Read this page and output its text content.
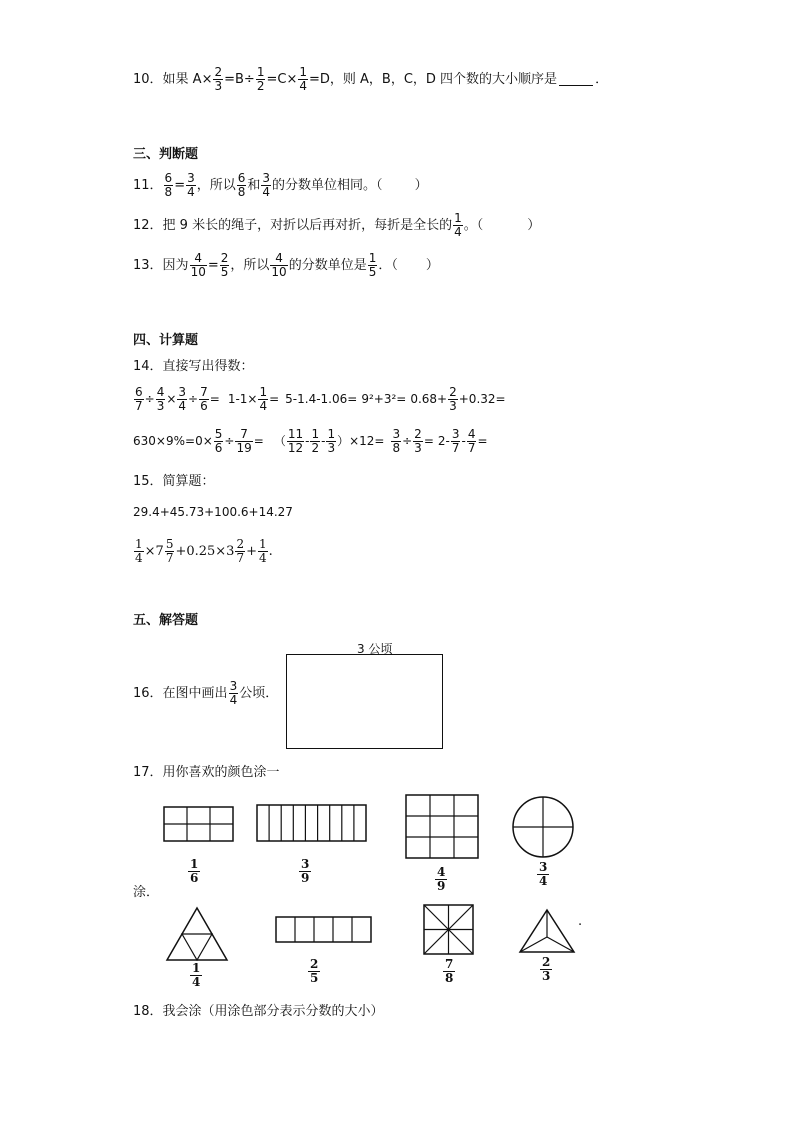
10． 如果 $A\times \frac{2}{3} =B\div \frac{1}{2} =C\times \frac{1}{4} =D$，则 A，B，C，D 四个数的大小顺序是	．
三、判断题
11． $\frac{6}{8} = \frac{3}{4}$ ，所以 $\frac{6}{8}$ 和 $\frac{3}{4}$ 的分数单位相同。（ ）
12． 把 9 米长的绳子，对折以后再对折，每折是全长的 $\frac{1}{4}$ 。（	）
13． 因为 $\frac{4}{10} = \frac{2}{5}$ ，所以 $\frac{4}{10}$ 的分数单位是 $\frac{1}{5}$ ．（ ）
四、计算题
14． 直接写出得数：
$\frac{6}{7} \div \frac{4}{3} \times \frac{3}{4} \div \frac{7}{6} = 1-1\times \frac{1}{4} = 5-1.4-1.06= 9^2+3^2= 0.68+ \frac{2}{3} +0.32=$
$630\times 9\%= 0\times \frac{5}{6} \div \frac{7}{19}$ = （ $\frac{11}{12} - \frac{1}{2} - \frac{1}{3} )\times 12= \frac{3}{8} \div \frac{2}{3} = 2- \frac{3}{7} - \frac{4}{7}$ =
15． 简算题：
29.4+45.73+100.6+14.27
$\frac{1}{4} \times 7 \frac{5}{7} +0.25\times 3 \frac{2}{7} + \frac{1}{4}$ .
五、解答题
16． 在图中画出 $\frac{3}{4}$ 公顷．
3 公顷
17． 用你喜欢的颜色涂一
涂．
.
1
6
3
9	4
9
3
4
1
4
2
5
7
8
2
3
18． 我会涂（用涂色部分表示分数的大小）
